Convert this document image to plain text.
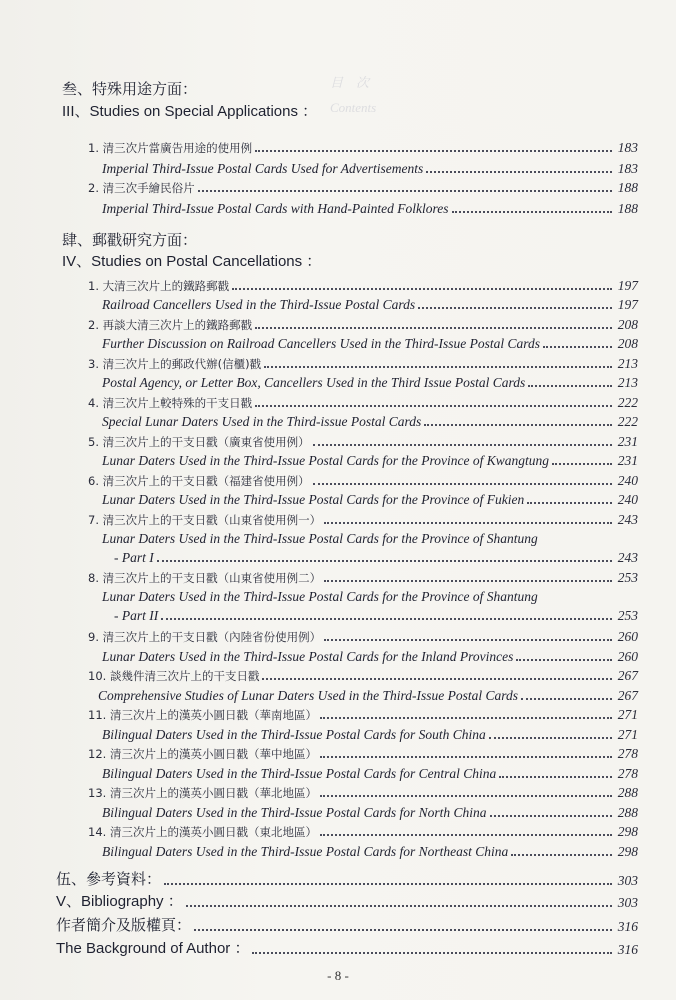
目　次
Contents
叁、特殊用途方面：
III、Studies on Special Applications ：
1. 清三次片當廣告用途的使用例	183
Imperial Third-Issue Postal Cards Used for Advertisements	183
2. 清三次手繪民俗片	188
Imperial Third-Issue Postal Cards with Hand-Painted Folklores	188
肆、郵戳研究方面：
IV、Studies on Postal Cancellations ：
1. 大清三次片上的鐵路郵戳	197
Railroad Cancellers Used in the Third-Issue Postal Cards	197
2. 再談大清三次片上的鐵路郵戳	208
Further Discussion on Railroad Cancellers Used in the Third-Issue Postal Cards	208
3. 清三次片上的郵政代辦(信櫃)戳	213
Postal Agency, or Letter Box, Cancellers Used in the Third Issue Postal Cards	213
4. 清三次片上較特殊的干支日戳	222
Special Lunar Daters Used in the Third-issue Postal Cards	222
5. 清三次片上的干支日戳（廣東省使用例）	231
Lunar Daters Used in the Third-Issue Postal Cards for the Province of Kwangtung	231
6. 清三次片上的干支日戳（福建省使用例）	240
Lunar Daters Used in the Third-Issue Postal Cards for the Province of Fukien	240
7. 清三次片上的干支日戳（山東省使用例一）	243
Lunar Daters Used in the Third-Issue Postal Cards for the Province of Shantung
- Part I	243
8. 清三次片上的干支日戳（山東省使用例二）	253
Lunar Daters Used in the Third-Issue Postal Cards for the Province of Shantung
- Part II	253
9. 清三次片上的干支日戳（內陸省份使用例）	260
Lunar Daters Used in the Third-Issue Postal Cards for the Inland Provinces	260
10. 談幾件清三次片上的干支日戳	267
Comprehensive Studies of Lunar Daters Used in the Third-Issue Postal Cards	267
11. 清三次片上的漢英小圓日戳（華南地區）	271
Bilingual Daters Used in the Third-Issue Postal Cards for South China	271
12. 清三次片上的漢英小圓日戳（華中地區）	278
Bilingual Daters Used in the Third-Issue Postal Cards for Central China	278
13. 清三次片上的漢英小圓日戳（華北地區）	288
Bilingual Daters Used in the Third-Issue Postal Cards for North China	288
14. 清三次片上的漢英小圓日戳（東北地區）	298
Bilingual Daters Used in the Third-Issue Postal Cards for Northeast China	298
伍、參考資料：	303
V、Bibliography ：	303
作者簡介及版權頁：	316
The Background of Author ：	316
- 8 -
